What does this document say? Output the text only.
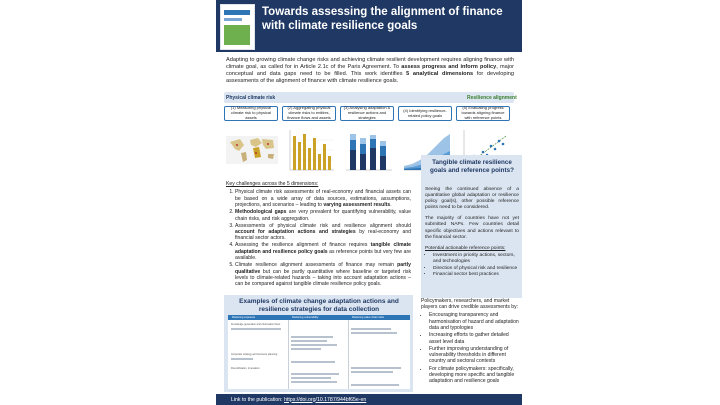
Towards assessing the alignment of finance with climate resilience goals
Adapting to growing climate change risks and achieving climate resilient development requires aligning finance with climate goal, as called for in Article 2.1c of the Paris Agreement. To assess progress and inform policy, major conceptual and data gaps need to be filled. This work identifies 5 analytical dimensions for developing assessments of the alignment of finance with climate resilience goals.
Physical climate risk	Resilience alignment
(1) Measuring physical climate risk to physical assets
(2) Aggregating physical climate risks to entities, finance flows and assets
(3) Analysing adaptation & resilience actions and strategies
(4) Identifying resilience-related policy goals
(5) Evaluating progress towards aligning finance with reference points
Key challenges across the 5 dimensions:
1. Physical climate risk assessments of real-economy and financial assets can be based on a wide array of data sources, estimations, assumptions, projections, and scenarios – leading to varying assessment results.
2. Methodological gaps are very prevalent for quantifying vulnerability, value chain risks, and risk aggregation.
3. Assessments of physical climate risk and resilience alignment should account for adaptation actions and strategies by real-economy and financial sector actors.
4. Assessing the resilience alignment of finance requires tangible climate adaptation and resilience policy goals as reference points but very few are available.
5. Climate resilience alignment assessments of finance may remain partly qualitative but can be partly quantitative where baseline or targeted risk levels to climate-related hazards – taking into account adaptation actions – can be compared against tangible climate resilience policy goals.
Tangible climate resilience goals and reference points?

Seeing the continued absence of a quantitative global adaptation or resilience policy goal(s), other possible reference points need to be considered.

The majority of countries have not yet submitted NAPs. Few countries detail specific objectives and actions relevant to the financial sector.

Potential actionable reference points:
• Investment in priority actions, sectors, and technologies
• Direction of physical risk and resilience
• Financial sector best practices
Examples of climate change adaptation actions and resilience strategies for data collection
Reducing exposure	Reducing vulnerability	Reducing value chain risks
Knowledge generation and information flows
Corporate strategy and business planning
Diversification, Innovation

Policymakers, researchers, and market players can drive credible assessments by:

• Encouraging transparency and harmonisation of hazard and adaptation data and typologies
• Increasing efforts to gather detailed asset level data
• Further improving understanding of vulnerability thresholds in different country and sectoral contexts
• For climate policymakers: specifically, developing more specific and tangible adaptation and resilience goals
Link to the publication: https://doi.org/10.1787/944bf65e-en
